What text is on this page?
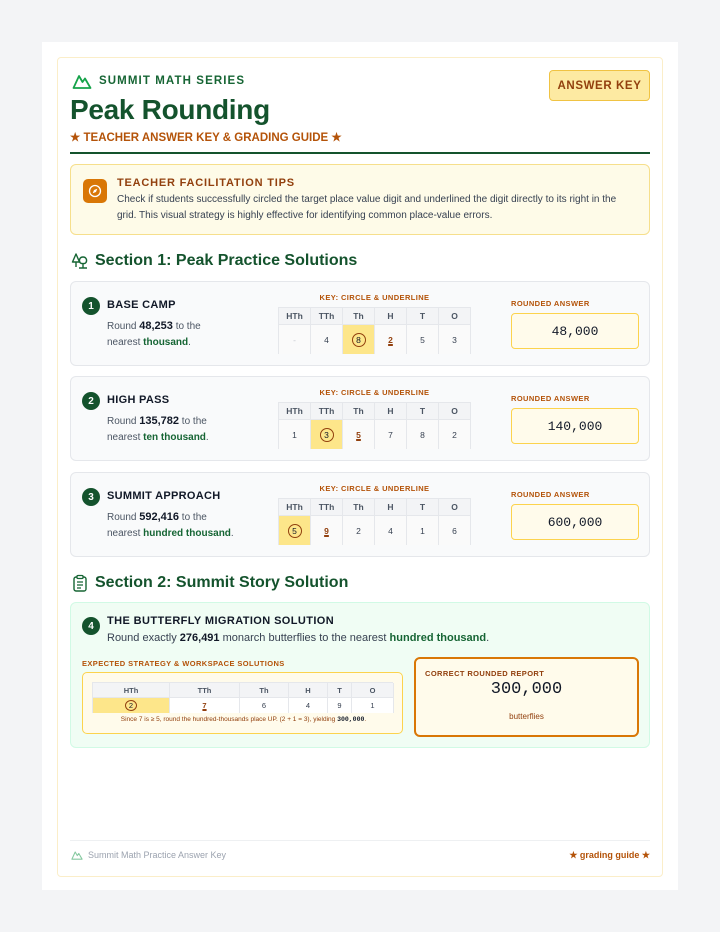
SUMMIT MATH SERIES
Peak Rounding
★ TEACHER ANSWER KEY & GRADING GUIDE ★
ANSWER KEY
TEACHER FACILITATION TIPS
Check if students successfully circled the target place value digit and underlined the digit directly to its right in the grid. This visual strategy is highly effective for identifying common place-value errors.
Section 1: Peak Practice Solutions
1	BASE CAMP
Round 48,253 to the
nearest thousand.
KEY: CIRCLE & UNDERLINE
HTh	TTh	Th	H	T	O
-	4	8	2	5	3
ROUNDED ANSWER
48,000
2	HIGH PASS
Round 135,782 to the
nearest ten thousand.
KEY: CIRCLE & UNDERLINE
HTh	TTh	Th	H	T	O
1	3	5	7	8	2
ROUNDED ANSWER
140,000
3	SUMMIT APPROACH
Round 592,416 to the
nearest hundred thousand.
KEY: CIRCLE & UNDERLINE
HTh	TTh	Th	H	T	O
5	9	2	4	1	6
ROUNDED ANSWER
600,000
Section 2: Summit Story Solution
4	THE BUTTERFLY MIGRATION SOLUTION
Round exactly 276,491 monarch butterflies to the nearest hundred thousand.
EXPECTED STRATEGY & WORKSPACE SOLUTIONS
HTh	TTh	Th	H	T	O
2	7	6	4	9	1
Since 7 is ≥ 5, round the hundred-thousands place UP. (2 + 1 = 3), yielding 300,000.
CORRECT ROUNDED REPORT
300,000
butterflies
Summit Math Practice Answer Key	★ grading guide ★
